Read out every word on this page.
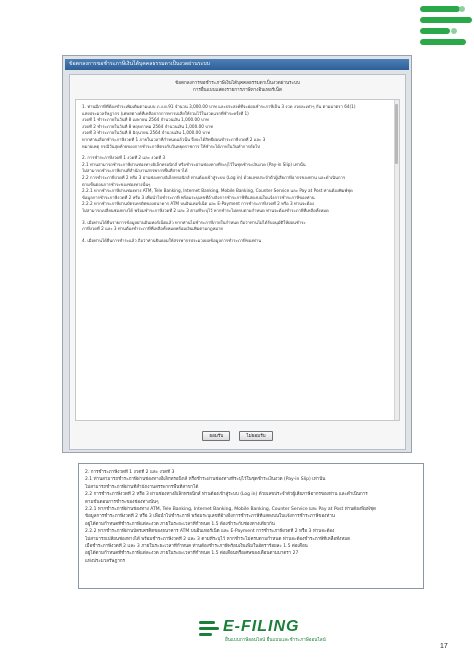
ข้อตกลงการขอชำระภาษีเงินได้บุคคลธรรมดาเป็นงวดผ่านระบบ
ข้อตกลงการขอชำระภาษีเงินได้บุคคลธรรมดาเป็นงวดผ่านระบบ
การยื่นแบบแสดงรายการภาษีทางอินเทอร์เน็ต
1. ท่านมีภาษีที่ต้องชำระเพิ่มเติมตามแบบ ภ.ง.ด.91 จำนวน 3,000.00 บาท และประสงค์ที่จะผ่อนชำระภาษีเป็น 3 งวด งวดละเท่าๆ กัน ตามมาตรา 64(1)
แห่งประมวลรัษฎากร (เศษสตางค์ที่เหลือจากการหารเฉลี่ยให้รวมไว้ในงวดแรกที่ชำระครั้งที่ 1)
งวดที่ 1 ชำระภายในวันที่ 8 เมษายน 2564 จำนวนเงิน 1,000.00 บาท
งวดที่ 2 ชำระภายในวันที่ 8 พฤษภาคม 2564 จำนวนเงิน 1,000.00 บาท
งวดที่ 3 ชำระภายในวันที่ 8 มิถุนายน 2564 จำนวนเงิน 1,000.00 บาท
หากท่านเลือกชำระภาษีงวดที่ 1 ภายในเวลาที่กำหนดแล้วนั้น จึงจะได้สิทธิ์ผ่อนชำระภาษีงวดที่ 2 และ 3
หมายเหตุ กรณีวันสุดท้ายของการชำระภาษีตรงกับวันหยุดราชการ ให้ชำระได้ภายในวันทำการถัดไป
2. การชำระภาษีงวดที่ 1 งวดที่ 2 และ งวดที่ 3
2.1 ท่านสามารถชำระภาษีผ่านช่องทางอิเล็กทรอนิกส์ หรือชำระผ่านช่องทางที่ระบุไว้ในชุดชำระเงินงวด (Pay-in Slip) เท่านั้น
ไม่สามารถชำระภาษีผ่านที่สำนักงานสรรพากรพื้นที่สาขาได้
2.2 การชำระภาษีงวดที่ 2 หรือ 3 ผ่านช่องทางอิเล็กทรอนิกส์ ท่านต้องเข้าสู่ระบบ (Log in) ด้วยเลขประจำตัวผู้เสียภาษีอากรของท่าน และดำเนินการ
ตามขั้นตอนการชำระของช่องทางนั้นๆ
2.2.1 หากชำระภาษีผ่านช่องทาง ATM, Tele Banking, Internet Banking, Mobile Banking, Counter Service และ Pay at Post ท่านต้องพิมพ์ชุด
ข้อมูลการชำระภาษีงวดที่ 2 หรือ 3 เพื่อนำไปชำระภาษี พร้อมระบุเลขที่อ้างอิงการชำระภาษีที่แสดงบนใบแจ้งการชำระภาษีของท่าน
2.2.2 หากชำระภาษีผ่านบัตรเครดิตของธนาคาร ATM บนอินเทอร์เน็ต และ E-Payment การชำระภาษีงวดที่ 2 หรือ 3 ท่านจะต้อง
ไม่สามารถเปลี่ยนช่องทางได้ พร้อมชำระภาษีงวดที่ 2 และ 3 ตามที่ระบุไว้ หากชำระไม่ครบตามกำหนด ท่านจะต้องชำระภาษีที่เหลือทั้งหมด
3. เมื่อท่านได้ยื่นรายการข้อมูลผ่านอินเทอร์เน็ตแล้ว หากท่านไม่ชำระภาษีภายในกำหนด ถือว่าท่านไม่ได้รับอนุมัติให้ผ่อนชำระ
ภาษีงวดที่ 2 และ 3 ท่านต้องชำระภาษีที่เหลือทั้งหมดพร้อมเงินเพิ่มตามกฎหมาย
4. เมื่อท่านได้ยื่นการชำระแล้ว ถือว่าท่านยินยอมให้สรรพากรประมวลผลข้อมูลการชำระภาษีของท่าน
ยอมรับ	ไม่ยอมรับ
2. การชำระภาษีงวดที่ 1 งวดที่ 2 และ งวดที่ 3
2.1 ท่านสามารถชำระภาษีผ่านช่องทางอิเล็กทรอนิกส์ หรือชำระผ่านช่องทางที่ระบุไว้ในชุดชำระเงินงวด (Pay-in Slip) เท่านั้น
ไม่สามารถชำระภาษีผ่านที่สำนักงานสรรพากรพื้นที่สาขาได้
2.2 การชำระภาษีงวดที่ 2 หรือ 3 ผ่านช่องทางอิเล็กทรอนิกส์ ท่านต้องเข้าสู่ระบบ (Log in) ด้วยเลขประจำตัวผู้เสียภาษีอากรของท่าน และดำเนินการ
ตามขั้นตอนการชำระของช่องทางนั้นๆ
2.2.1 หากชำระภาษีผ่านช่องทาง ATM, Tele Banking, Internet Banking, Mobile Banking, Counter Service และ Pay at Post ท่านต้องพิมพ์ชุด
ข้อมูลการชำระภาษีงวดที่ 2 หรือ 3 เพื่อนำไปชำระภาษี พร้อมระบุเลขที่อ้างอิงการชำระภาษีที่แสดงบนใบแจ้งการชำระภาษีของท่าน
อยู่ได้ตามกำหนดที่ชำระภาษีแต่ละงวด ภายในระยะเวลาที่กำหนด 1.5 ต้องชำระกับช่องทางเดียวกัน
2.2.2 หากชำระภาษีผ่านบัตรเครดิตของธนาคาร ATM บนอินเทอร์เน็ต และ E-Payment การชำระภาษีงวดที่ 2 หรือ 3 ท่านจะต้อง
ไม่สามารถเปลี่ยนช่องทางได้ พร้อมชำระภาษีงวดที่ 2 และ 3 ตามที่ระบุไว้ หากชำระไม่ครบตามกำหนด ท่านจะต้องชำระภาษีที่เหลือทั้งหมด
เมื่อชำระภาษีงวดที่ 2 และ 3 ภายในระยะเวลาที่กำหนด ท่านต้องชำระภาษีพร้อมเงินเพิ่มในอัตราร้อยละ 1.5 ต่อเดือน
อยู่ได้ตามกำหนดที่ชำระภาษีแต่ละงวด ภายในระยะเวลาที่กำหนด 1.5 ต่อเดือนหรือเศษของเดือนตามมาตรา 27
แห่งประมวลรัษฎากร
E-FILING
ยื่นแบบภาษีออนไลน์ ยื่นแบบและชำระภาษีออนไลน์
17
